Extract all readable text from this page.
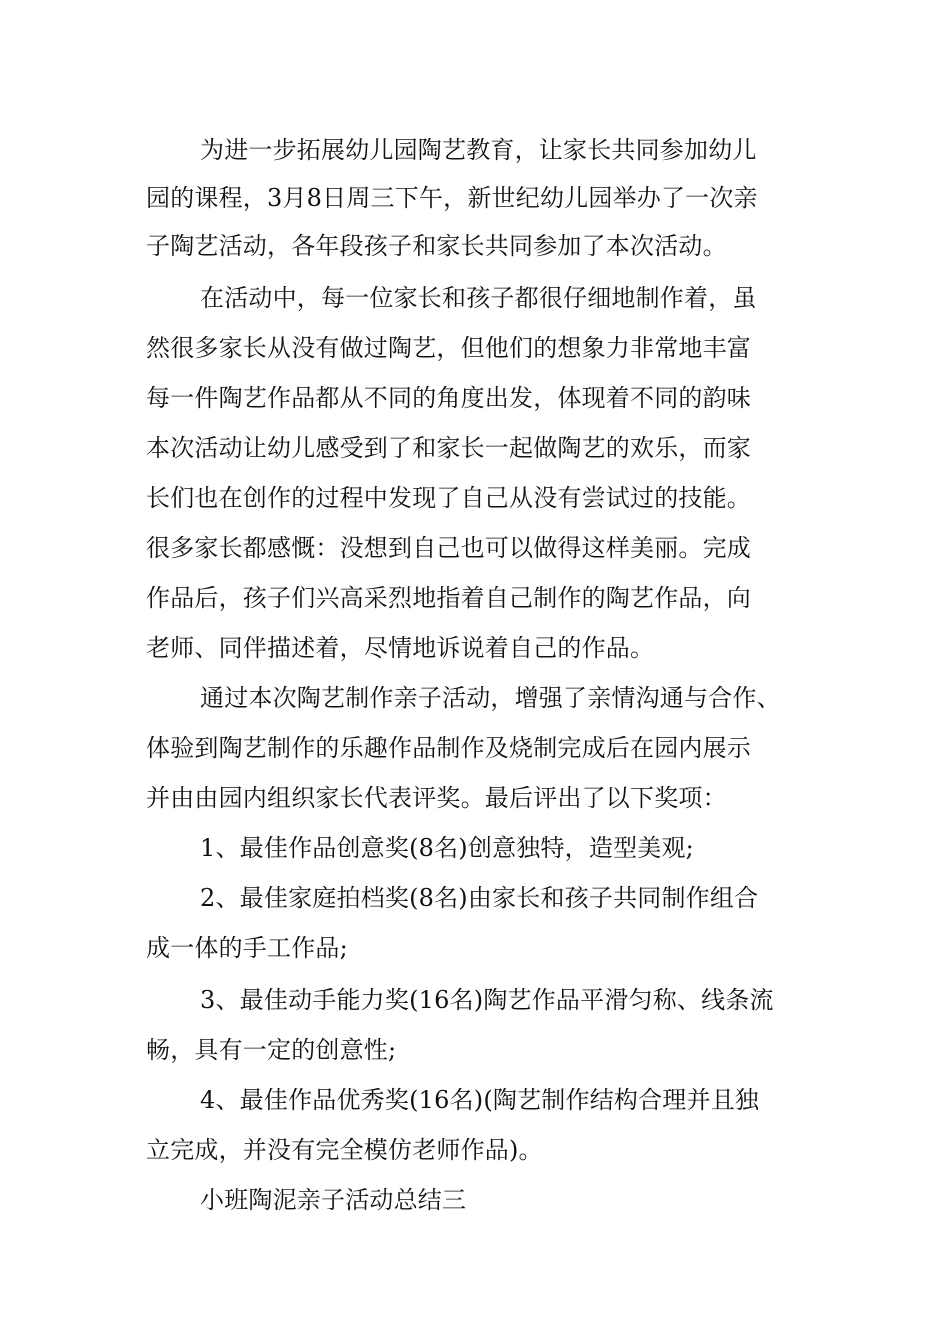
为进一步拓展幼儿园陶艺教育，让家长共同参加幼儿
园的课程，3月8日周三下午，新世纪幼儿园举办了一次亲
子陶艺活动，各年段孩子和家长共同参加了本次活动。
在活动中，每一位家长和孩子都很仔细地制作着，虽
然很多家长从没有做过陶艺，但他们的想象力非常地丰富
每一件陶艺作品都从不同的角度出发，体现着不同的韵味
本次活动让幼儿感受到了和家长一起做陶艺的欢乐，而家
长们也在创作的过程中发现了自己从没有尝试过的技能。
很多家长都感慨：没想到自己也可以做得这样美丽。完成
作品后，孩子们兴高采烈地指着自己制作的陶艺作品，向
老师、同伴描述着，尽情地诉说着自己的作品。
通过本次陶艺制作亲子活动，增强了亲情沟通与合作、
体验到陶艺制作的乐趣作品制作及烧制完成后在园内展示
并由由园内组织家长代表评奖。最后评出了以下奖项：
1、最佳作品创意奖(8名)创意独特，造型美观;
2、最佳家庭拍档奖(8名)由家长和孩子共同制作组合
成一体的手工作品;
3、最佳动手能力奖(16名)陶艺作品平滑匀称、线条流
畅，具有一定的创意性;
4、最佳作品优秀奖(16名)(陶艺制作结构合理并且独
立完成，并没有完全模仿老师作品)。
小班陶泥亲子活动总结三
